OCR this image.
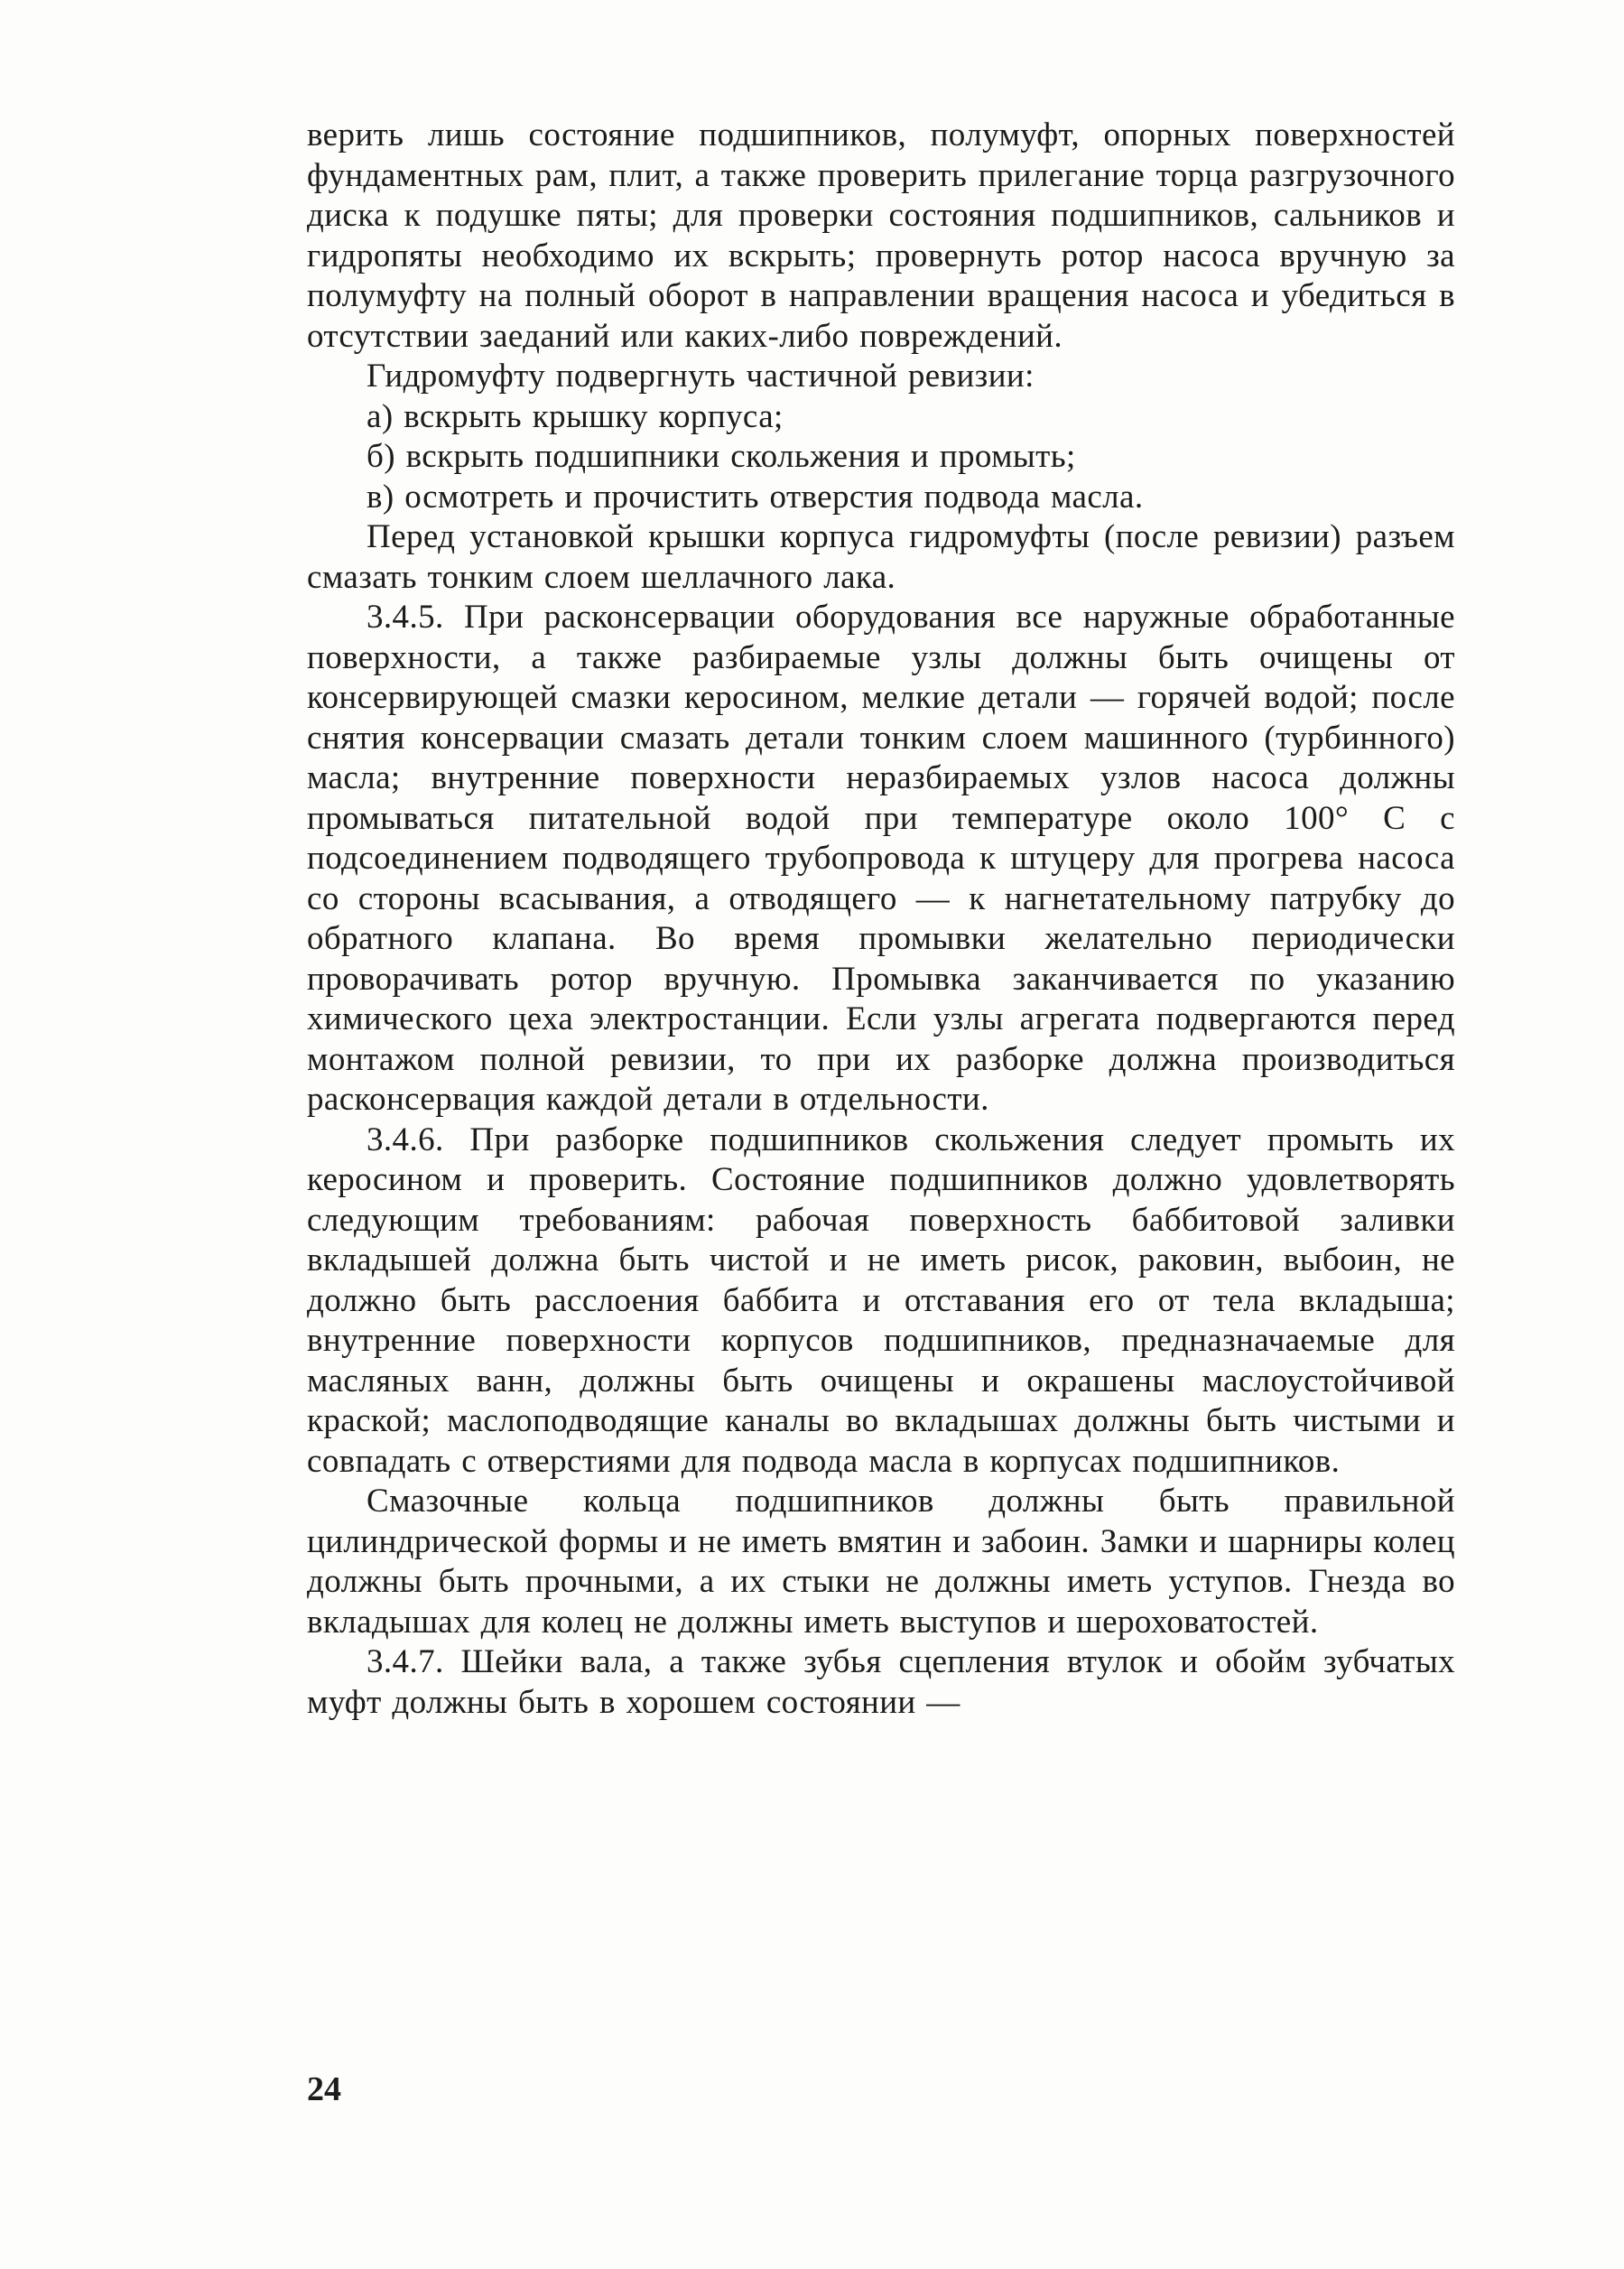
верить лишь состояние подшипников, полумуфт, опорных поверхностей фундаментных рам, плит, а также проверить прилегание торца разгрузочного диска к подушке пяты; для проверки состояния подшипников, сальников и гидропяты необходимо их вскрыть; провернуть ротор насоса вручную за полумуфту на полный оборот в направлении вращения насоса и убедиться в отсутствии заеданий или каких-либо повреждений.

Гидромуфту подвергнуть частичной ревизии:

а) вскрыть крышку корпуса;

б) вскрыть подшипники скольжения и промыть;

в) осмотреть и прочистить отверстия подвода масла.

Перед установкой крышки корпуса гидромуфты (после ревизии) разъем смазать тонким слоем шеллачного лака.

3.4.5. При расконсервации оборудования все наружные обработанные поверхности, а также разбираемые узлы должны быть очищены от консервирующей смазки керосином, мелкие детали — горячей водой; после снятия консервации смазать детали тонким слоем машинного (турбинного) масла; внутренние поверхности неразбираемых узлов насоса должны промываться питательной водой при температуре около 100° С с подсоединением подводящего трубопровода к штуцеру для прогрева насоса со стороны всасывания, а отводящего — к нагнетательному патрубку до обратного клапана. Во время промывки желательно периодически проворачивать ротор вручную. Промывка заканчивается по указанию химического цеха электростанции. Если узлы агрегата подвергаются перед монтажом полной ревизии, то при их разборке должна производиться расконсервация каждой детали в отдельности.

3.4.6. При разборке подшипников скольжения следует промыть их керосином и проверить. Состояние подшипников должно удовлетворять следующим требованиям: рабочая поверхность баббитовой заливки вкладышей должна быть чистой и не иметь рисок, раковин, выбоин, не должно быть расслоения баббита и отставания его от тела вкладыша; внутренние поверхности корпусов подшипников, предназначаемые для масляных ванн, должны быть очищены и окрашены маслоустойчивой краской; маслоподводящие каналы во вкладышах должны быть чистыми и совпадать с отверстиями для подвода масла в корпусах подшипников.

Смазочные кольца подшипников должны быть правильной цилиндрической формы и не иметь вмятин и забоин. Замки и шарниры колец должны быть прочными, а их стыки не должны иметь уступов. Гнезда во вкладышах для колец не должны иметь выступов и шероховатостей.

3.4.7. Шейки вала, а также зубья сцепления втулок и обойм зубчатых муфт должны быть в хорошем состоянии —

24
